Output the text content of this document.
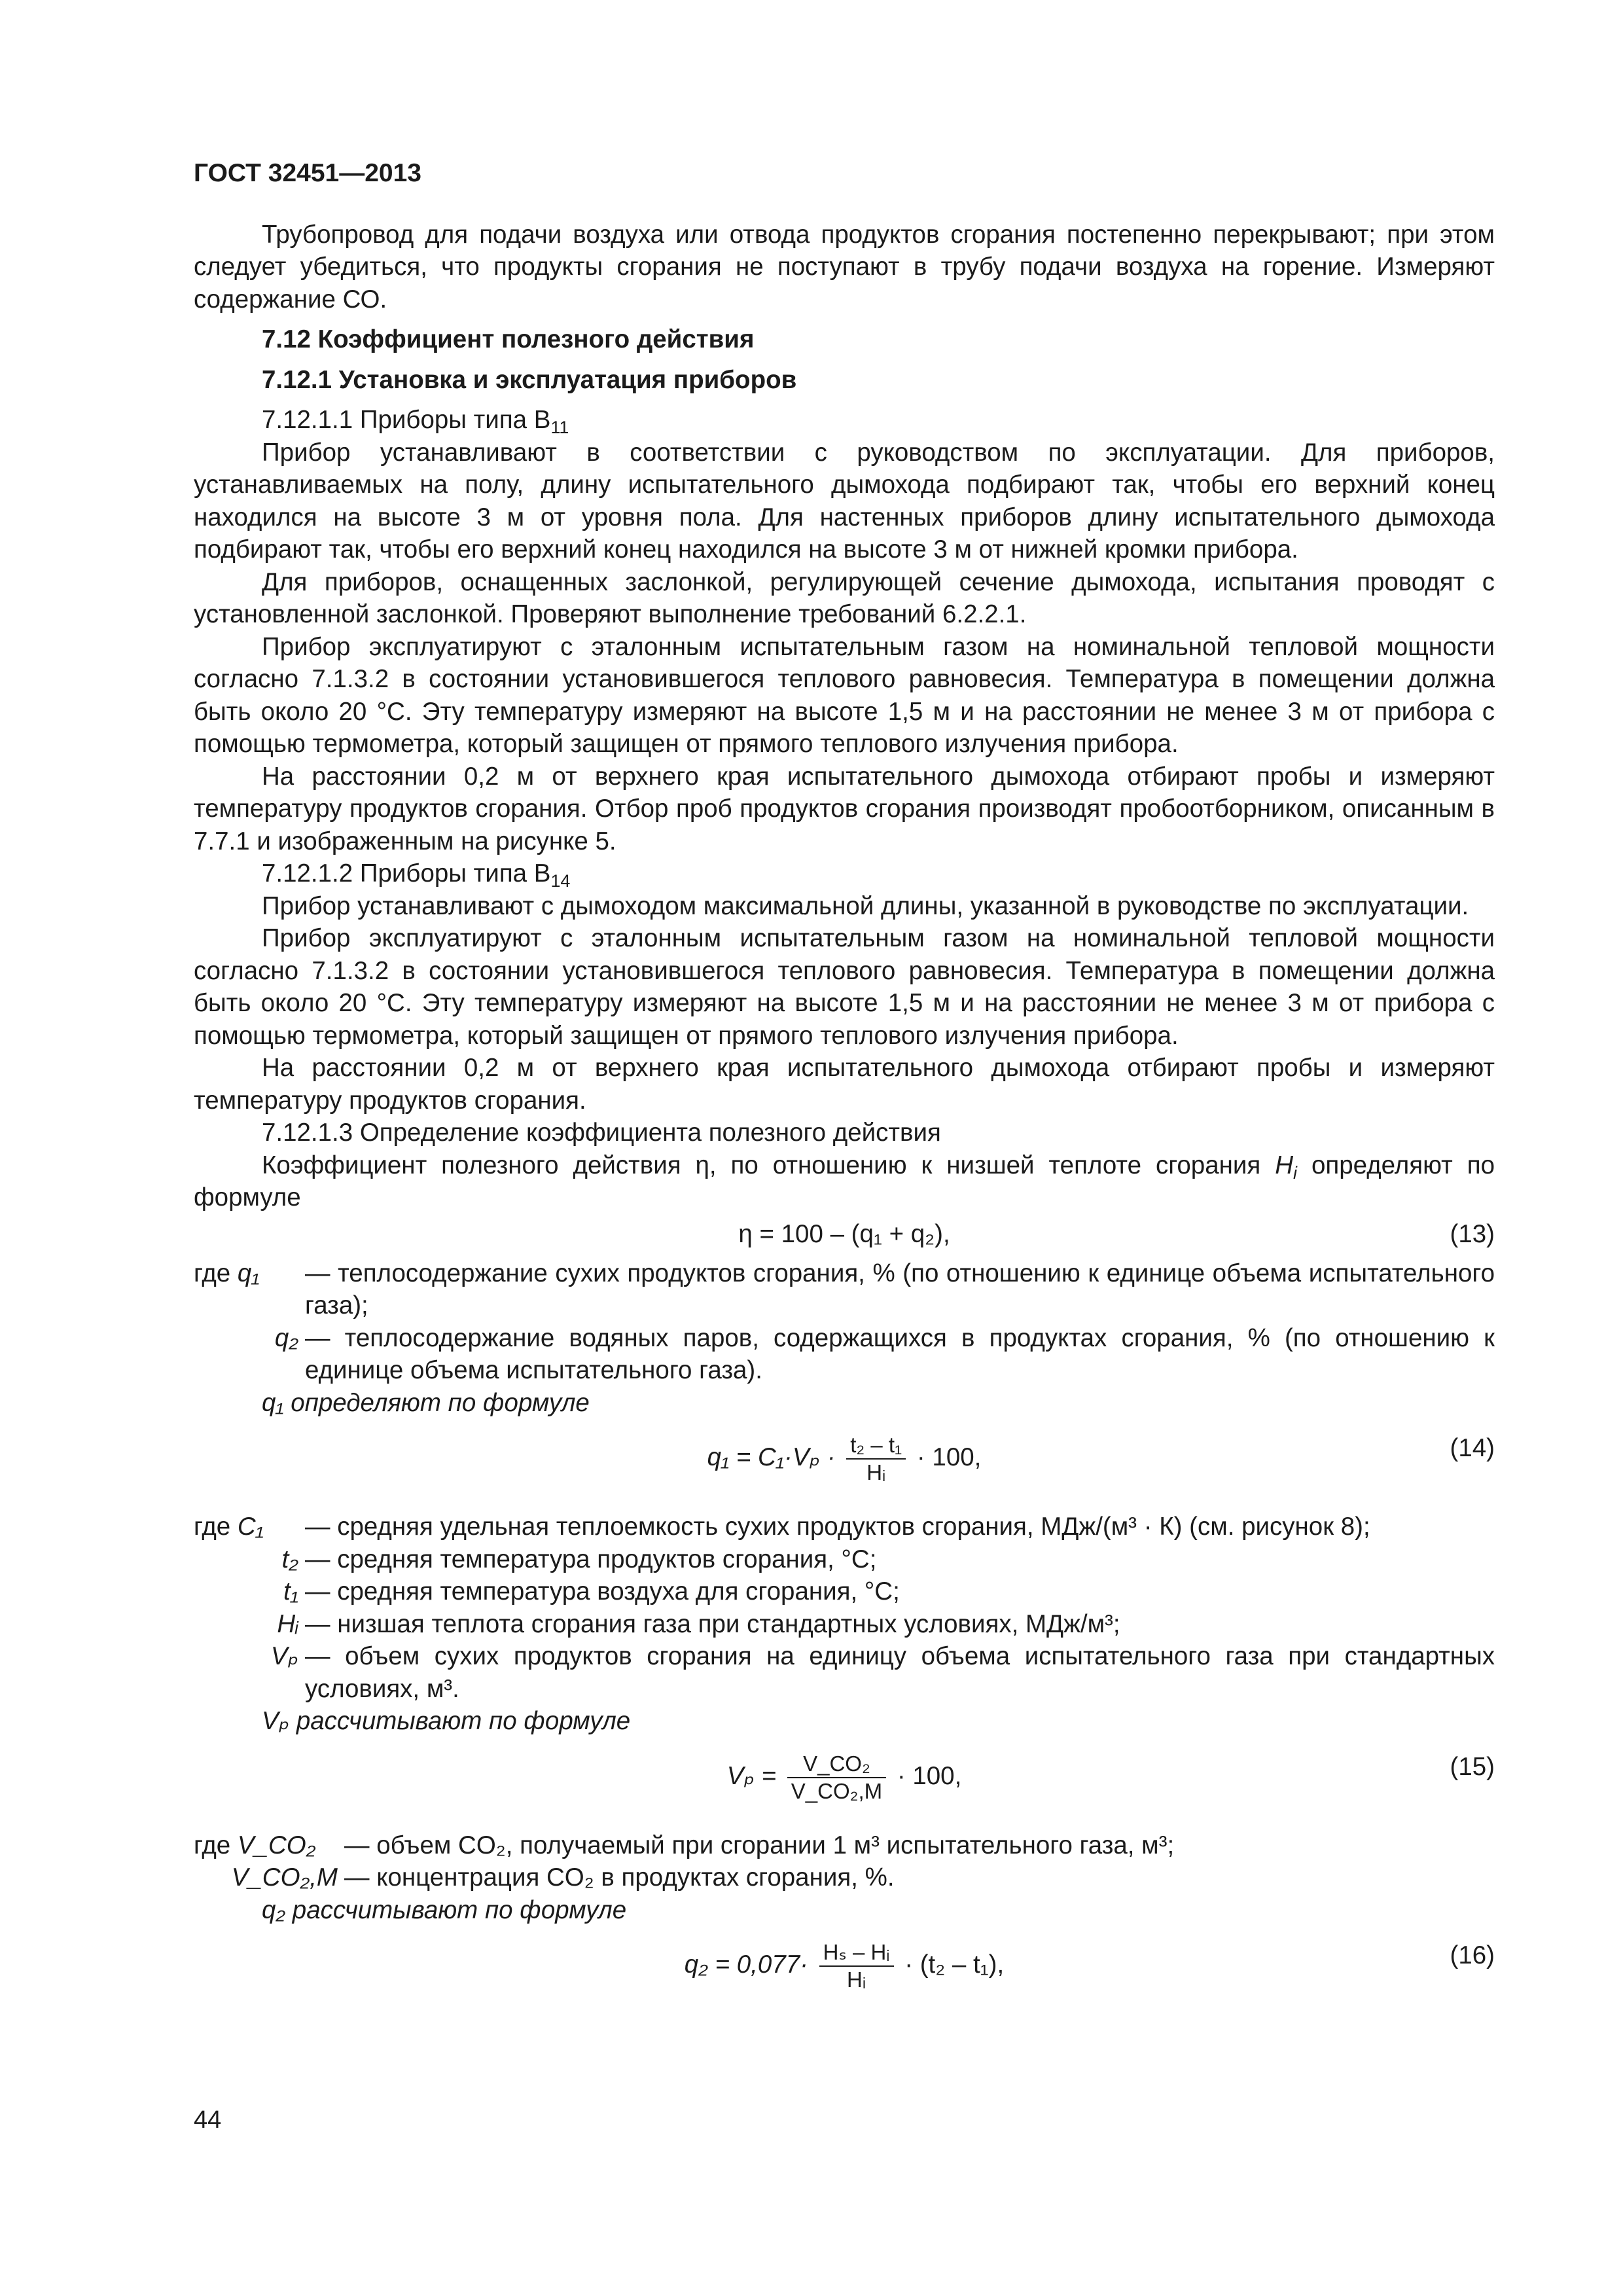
ГОСТ 32451—2013

Трубопровод для подачи воздуха или отвода продуктов сгорания постепенно перекрывают; при этом следует убедиться, что продукты сгорания не поступают в трубу подачи воздуха на горение. Измеряют содержание СО.

7.12 Коэффициент полезного действия
7.12.1 Установка и эксплуатация приборов
7.12.1.1 Приборы типа $B_{11}$

Прибор устанавливают в соответствии с руководством по эксплуатации. Для приборов, устанавливаемых на полу, длину испытательного дымохода подбирают так, чтобы его верхний конец находился на высоте 3 м от уровня пола. Для настенных приборов длину испытательного дымохода подбирают так, чтобы его верхний конец находился на высоте 3 м от нижней кромки прибора.

Для приборов, оснащенных заслонкой, регулирующей сечение дымохода, испытания проводят с установленной заслонкой. Проверяют выполнение требований 6.2.2.1.

Прибор эксплуатируют с эталонным испытательным газом на номинальной тепловой мощности согласно 7.1.3.2 в состоянии установившегося теплового равновесия. Температура в помещении должна быть около 20 °С. Эту температуру измеряют на высоте 1,5 м и на расстоянии не менее 3 м от прибора с помощью термометра, который защищен от прямого теплового излучения прибора.

На расстоянии 0,2 м от верхнего края испытательного дымохода отбирают пробы и измеряют температуру продуктов сгорания. Отбор проб продуктов сгорания производят пробоотборником, описанным в 7.7.1 и изображенным на рисунке 5.

7.12.1.2 Приборы типа $B_{14}$

Прибор устанавливают с дымоходом максимальной длины, указанной в руководстве по эксплуатации.

Прибор эксплуатируют с эталонным испытательным газом на номинальной тепловой мощности согласно 7.1.3.2 в состоянии установившегося теплового равновесия. Температура в помещении должна быть около 20 °С. Эту температуру измеряют на высоте 1,5 м и на расстоянии не менее 3 м от прибора с помощью термометра, который защищен от прямого теплового излучения прибора.

На расстоянии 0,2 м от верхнего края испытательного дымохода отбирают пробы и измеряют температуру продуктов сгорания.

7.12.1.3 Определение коэффициента полезного действия

Коэффициент полезного действия η, по отношению к низшей теплоте сгорания $H_i$ определяют по формуле

η = 100 – (q₁ + q₂),	(13)
где q₁	— теплосодержание сухих продуктов сгорания, % (по отношению к единице объема испытательного газа);
q₂ — теплосодержание водяных паров, содержащихся в продуктах сгорания, % (по отношению к единице объема испытательного газа).
q₁ определяют по формуле
$q_1 = C_1\cdot V_p \cdot \frac{\text{t₂ – t₁}}{\text{Hᵢ}} \cdot 100$,	(14)
где C₁	— средняя удельная теплоемкость сухих продуктов сгорания, МДж/(м³ · К) (см. рисунок 8);
t₂ — средняя температура продуктов сгорания, °С;
t₁ — средняя температура воздуха для сгорания, °С;
Hᵢ — низшая теплота сгорания газа при стандартных условиях, МДж/м³;
Vₚ — объем сухих продуктов сгорания на единицу объема испытательного газа при стандартных условиях, м³.
Vₚ рассчитывают по формуле
$V_p = \frac{\text{V\_CO₂}}{\text{V\_CO₂,M}} \cdot 100$,	(15)
где V_CO₂	— объем CO₂, получаемый при сгорании 1 м³ испытательного газа, м³;
V_CO₂,M — концентрация CO₂ в продуктах сгорания, %.
q₂ рассчитывают по формуле
$q_2 = 0,077\cdot \frac{\text{Hₛ – Hᵢ}}{\text{Hᵢ}} \cdot (t_2 - t_1)$,	(16)
44
